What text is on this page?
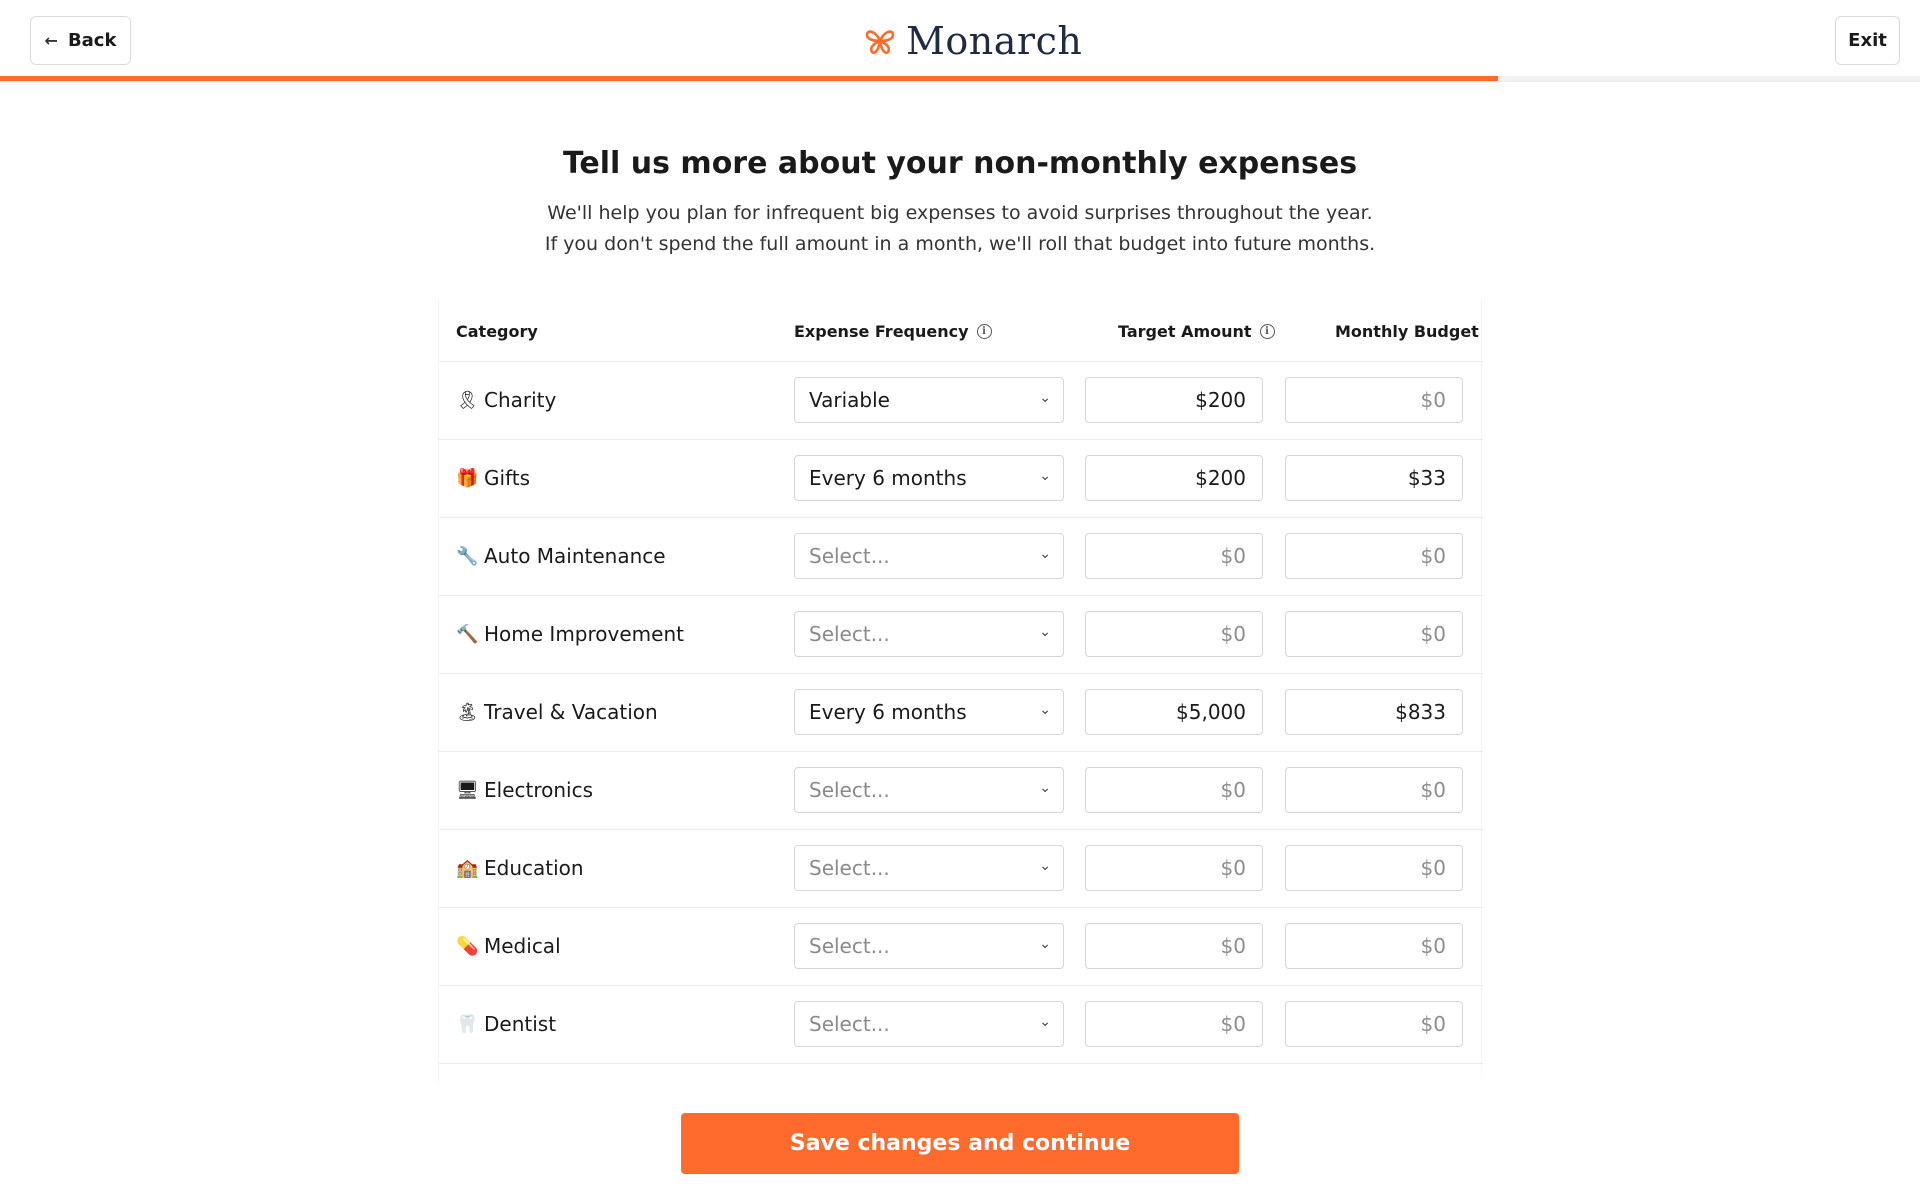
← Back	Monarch	Exit
Tell us more about your non-monthly expenses
We'll help you plan for infrequent big expenses to avoid surprises throughout the year. If you don't spend the full amount in a month, we'll roll that budget into future months.
Category	Expense Frequency	i	Target Amount	i	Monthly Budget
🎗 Charity	Variable	⌄	$200	$0
🎁 Gifts	Every 6 months	⌄	$200	$33
🔧 Auto Maintenance	Select...	⌄	$0	$0
🔨 Home Improvement	Select...	⌄	$0	$0
🏝 Travel & Vacation	Every 6 months	⌄	$5,000	$833
🖥 Electronics	Select...	⌄	$0	$0
🏫 Education	Select...	⌄	$0	$0
💊 Medical	Select...	⌄	$0	$0
🦷 Dentist	Select...	⌄	$0	$0
Save changes and continue
